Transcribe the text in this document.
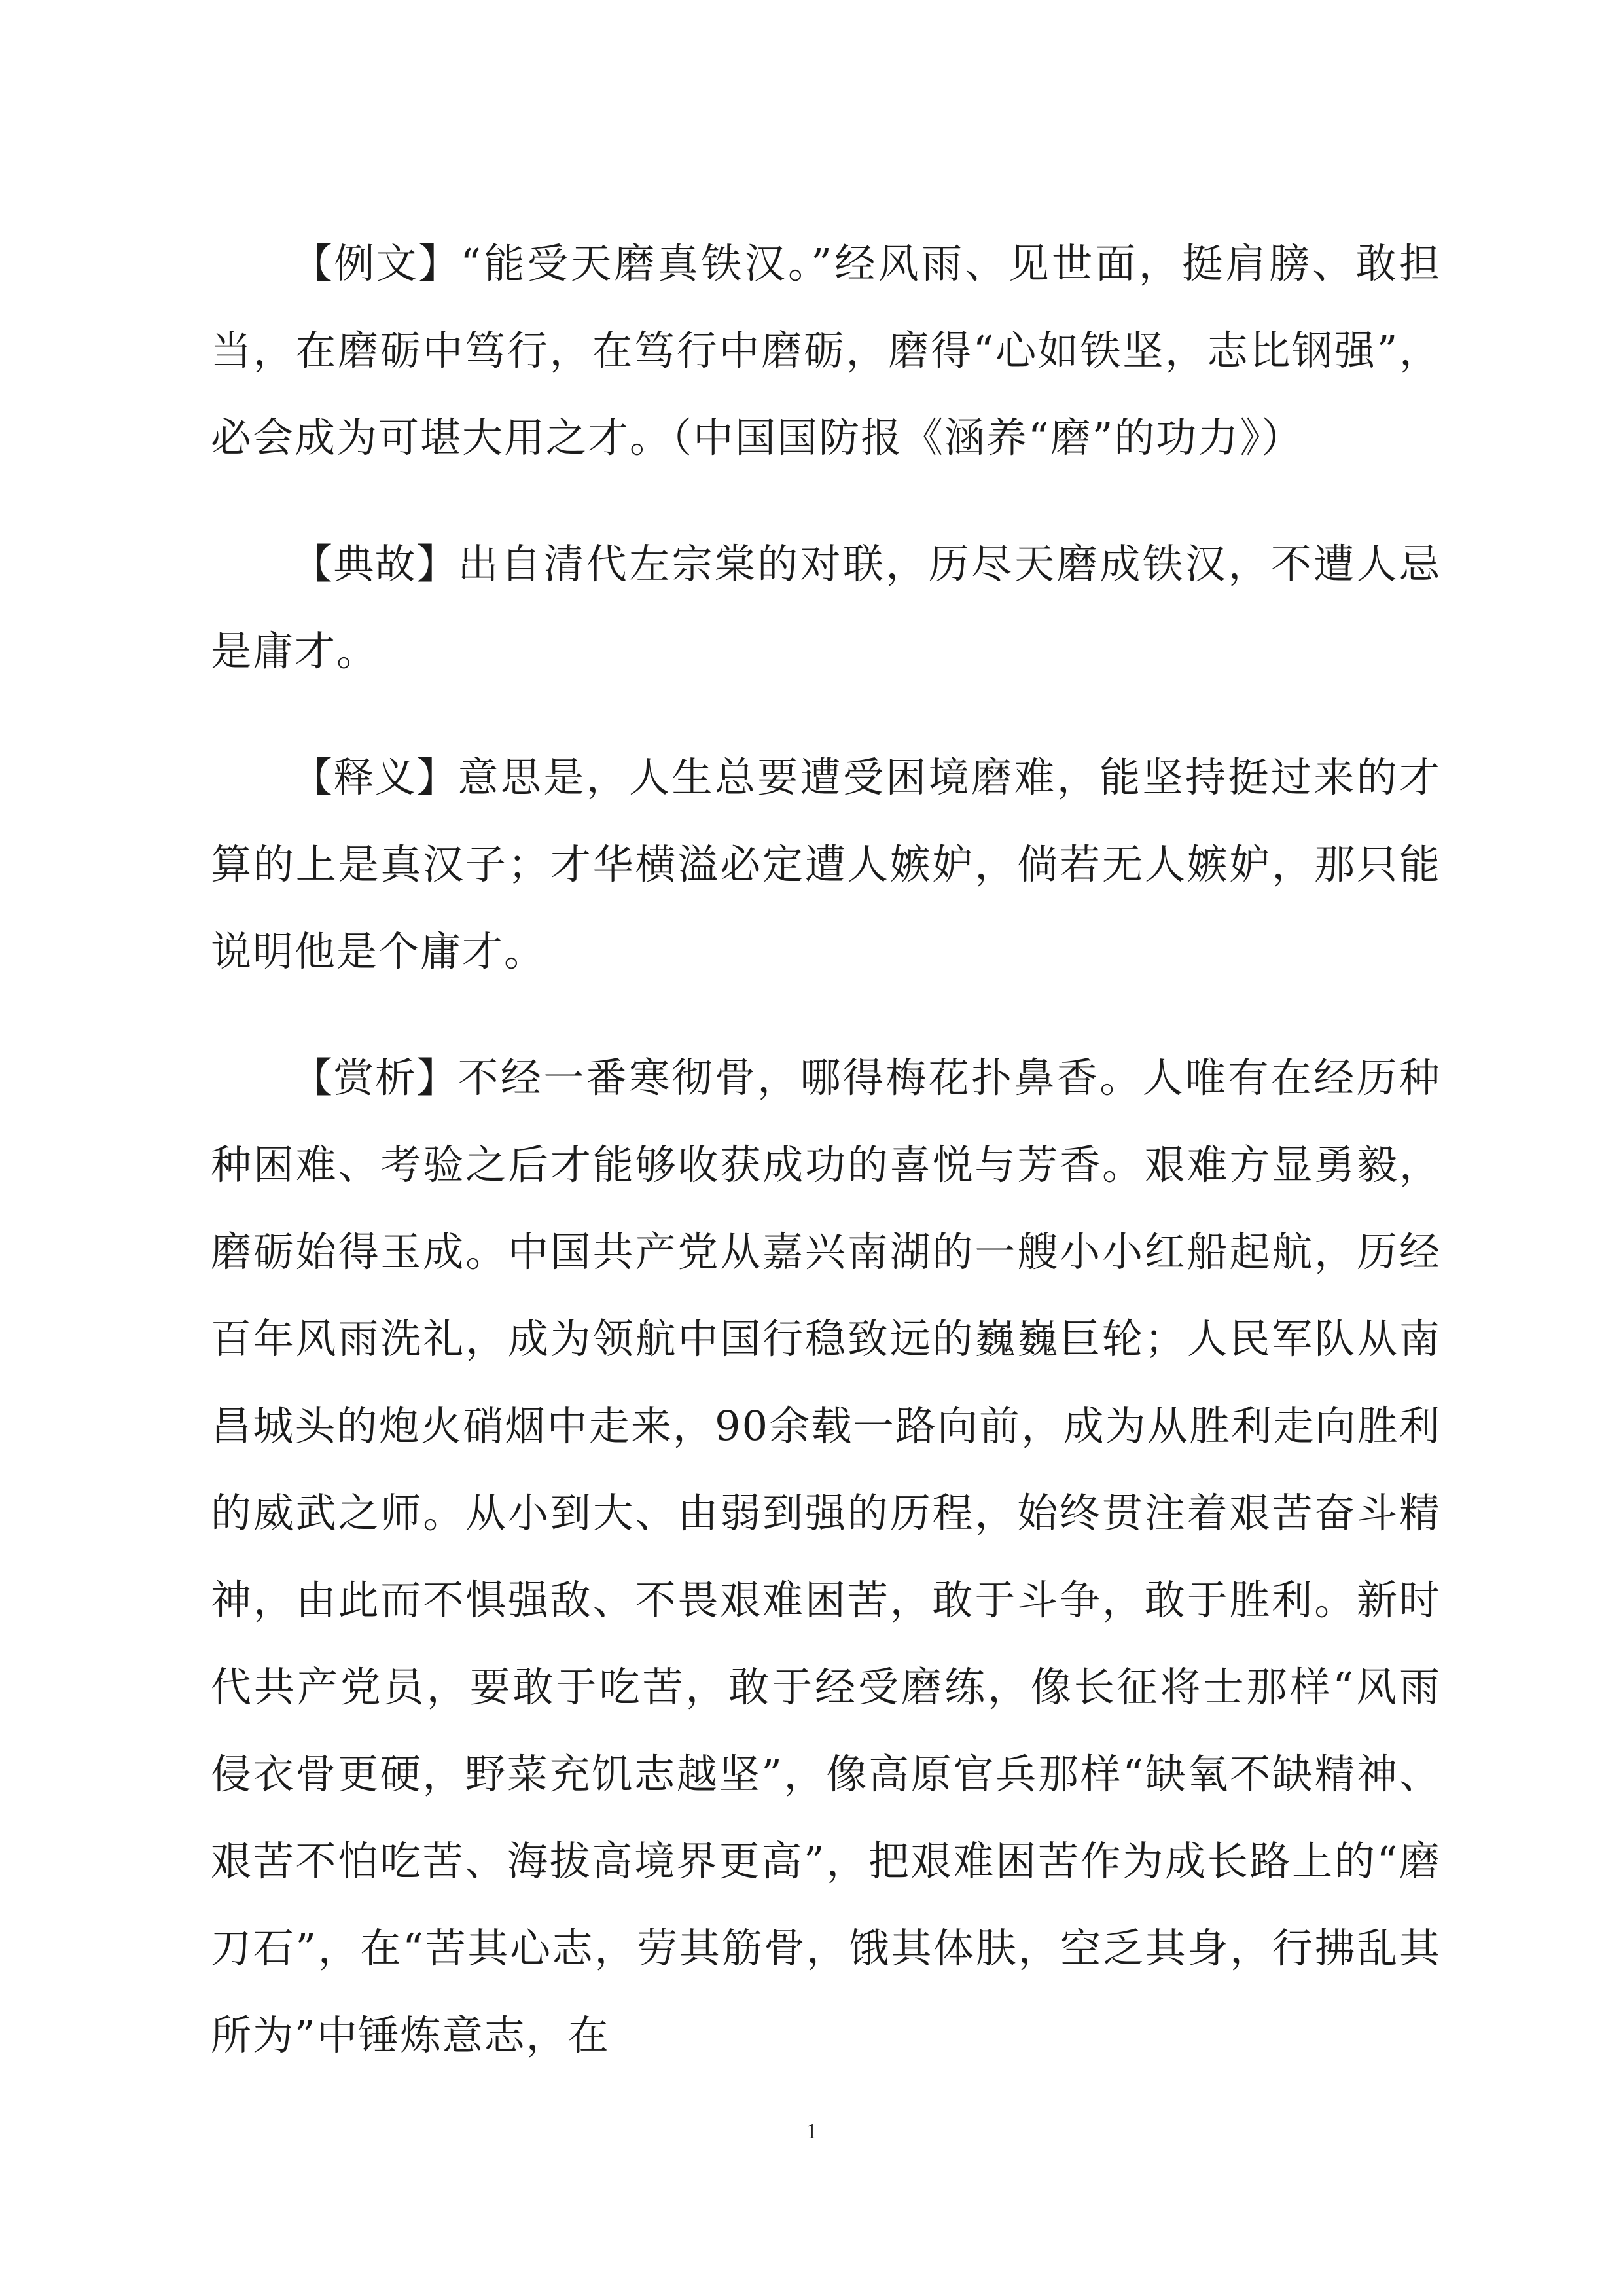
【例文】“能受天磨真铁汉。”经风雨、见世面，挺肩膀、敢担当，在磨砺中笃行，在笃行中磨砺，磨得“心如铁坚，志比钢强”，必会成为可堪大用之才。（中国国防报《涵养“磨”的功力》）

【典故】出自清代左宗棠的对联，历尽天磨成铁汉，不遭人忌是庸才。

【释义】意思是，人生总要遭受困境磨难，能坚持挺过来的才算的上是真汉子；才华横溢必定遭人嫉妒，倘若无人嫉妒，那只能说明他是个庸才。

【赏析】不经一番寒彻骨，哪得梅花扑鼻香。人唯有在经历种种困难、考验之后才能够收获成功的喜悦与芳香。艰难方显勇毅，磨砺始得玉成。中国共产党从嘉兴南湖的一艘小小红船起航，历经百年风雨洗礼，成为领航中国行稳致远的巍巍巨轮；人民军队从南昌城头的炮火硝烟中走来，90余载一路向前，成为从胜利走向胜利的威武之师。从小到大、由弱到强的历程，始终贯注着艰苦奋斗精神，由此而不惧强敌、不畏艰难困苦，敢于斗争，敢于胜利。新时代共产党员，要敢于吃苦，敢于经受磨练，像长征将士那样“风雨侵衣骨更硬，野菜充饥志越坚”，像高原官兵那样“缺氧不缺精神、艰苦不怕吃苦、海拔高境界更高”，把艰难困苦作为成长路上的“磨刀石”，在“苦其心志，劳其筋骨，饿其体肤，空乏其身，行拂乱其所为”中锤炼意志，在

1
